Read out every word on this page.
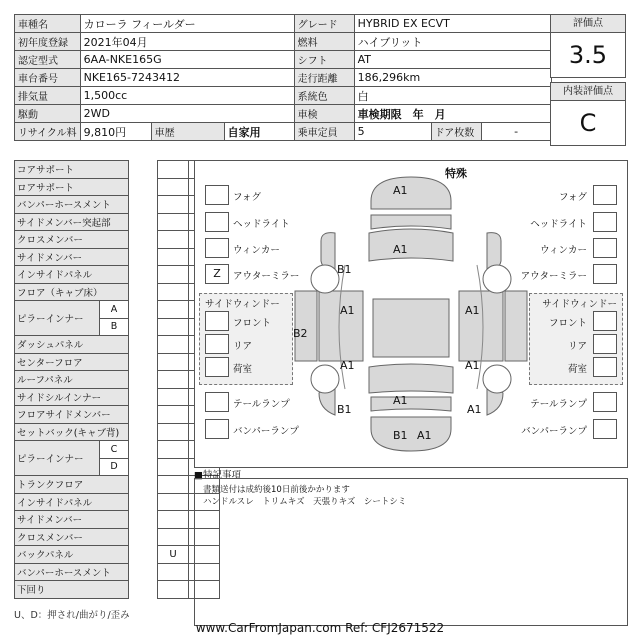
車種名	カローラ フィールダー			グレード	HYBRID EX ECVT		
初年度登録	2021年04月			燃料	ハイブリット		
認定型式	6AA-NKE165G			シフト	AT		
車台番号	NKE165-7243412			走行距離	186,296km		
排気量	1,500cc			系統色	白		
駆動	2WD			車検	車検期限　年　月		
リサイクル料	9,810円	車歴	自家用	乗車定員	5	ドア枚数	-
評価点
3.5
内装評価点
C
コアサポート				
ロアサポート				
バンパーホースメント				
サイドメンバー突起部				
クロスメンバー				
サイドメンバー				
インサイドパネル				
フロア（キャブ床）				
ピラーインナー	A			
	B			
ダッシュパネル				
センターフロア				
ルーフパネル				
サイドシルインナー				
フロアサイドメンバー				
セットバック(キャブ背)				
ピラーインナー	C			
	D			
トランクフロア				
インサイドパネル				
サイドメンバー				
クロスメンバー				
バックパネル			U	
バンパーホースメント				
下回り				
特殊
フォグ
ヘッドライト
ウィンカー
Z	アウターミラー
サイドウィンドー
フロント
リア
荷室
テールランプ
バンパーランプ
フォグ
ヘッドライト
ウィンカー
アウターミラー
サイドウィンドー
フロント
リア
荷室
テールランプ
バンパーランプ
A1
A1
B1
A1
B2
A1
B1
A1
A1
A1
A1
B1 A1
■特記事項
書類送付は成約後10日前後かかります
ハンドルスレ　トリムキズ　天張りキズ　シートシミ
U、D：押され/曲がり/歪み
www.CarFromJapan.com Ref: CFJ2671522
